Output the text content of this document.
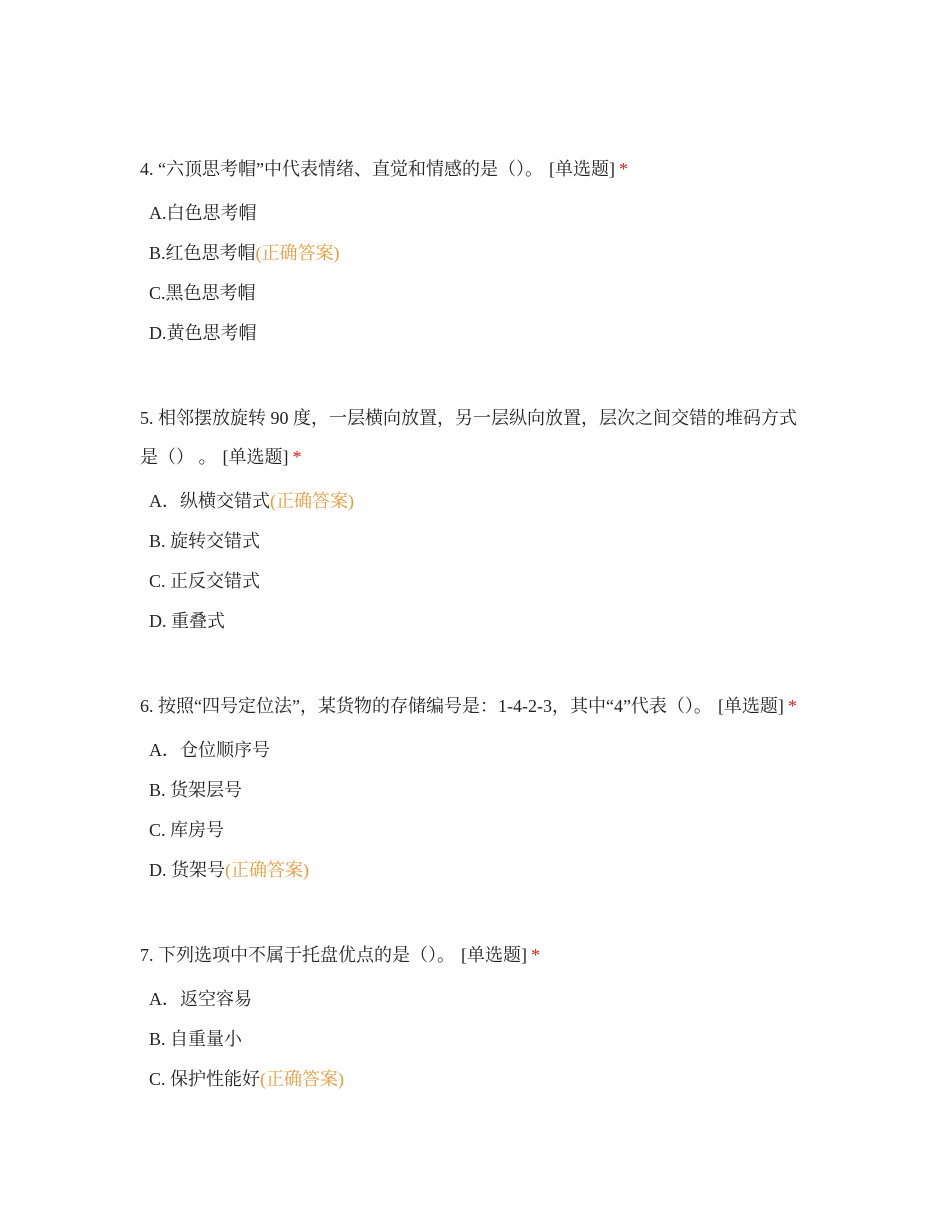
4. “六顶思考帽”中代表情绪、直觉和情感的是（）。 [单选题] *

A.白色思考帽
B.红色思考帽(正确答案)
C.黑色思考帽
D.黄色思考帽

5. 相邻摆放旋转 90 度，一层横向放置，另一层纵向放置，层次之间交错的堆码方式是（） 。 [单选题] *

A．纵横交错式(正确答案)
B. 旋转交错式
C. 正反交错式
D. 重叠式

6. 按照“四号定位法”，某货物的存储编号是：1-4-2-3，其中“4”代表（）。 [单选题] *

A．仓位顺序号
B. 货架层号
C. 库房号
D. 货架号(正确答案)

7. 下列选项中不属于托盘优点的是（）。 [单选题] *

A．返空容易
B. 自重量小
C. 保护性能好(正确答案)
